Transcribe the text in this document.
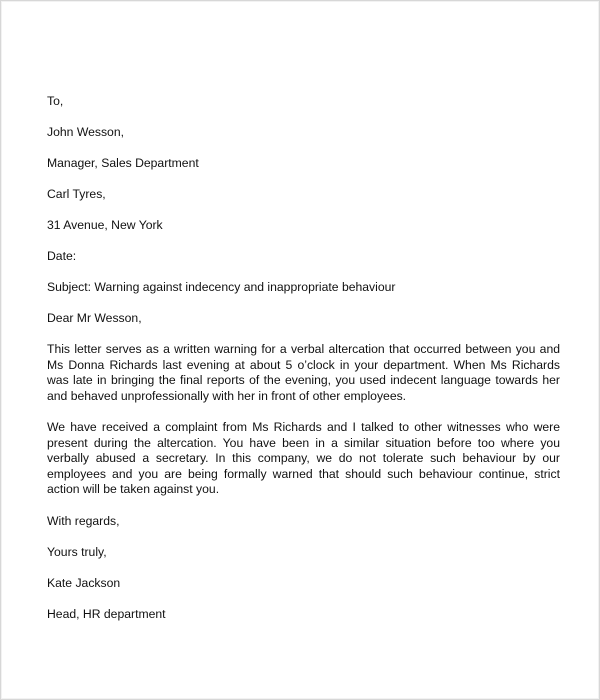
To,

John Wesson,

Manager, Sales Department

Carl Tyres,

31 Avenue, New York

Date:

Subject: Warning against indecency and inappropriate behaviour

Dear Mr Wesson,

This letter serves as a written warning for a verbal altercation that occurred between you and Ms Donna Richards last evening at about 5 o’clock in your department. When Ms Richards was late in bringing the final reports of the evening, you used indecent language towards her and behaved unprofessionally with her in front of other employees.

We have received a complaint from Ms Richards and I talked to other witnesses who were present during the altercation. You have been in a similar situation before too where you verbally abused a secretary. In this company, we do not tolerate such behaviour by our employees and you are being formally warned that should such behaviour continue, strict action will be taken against you.

With regards,

Yours truly,

Kate Jackson

Head, HR department
